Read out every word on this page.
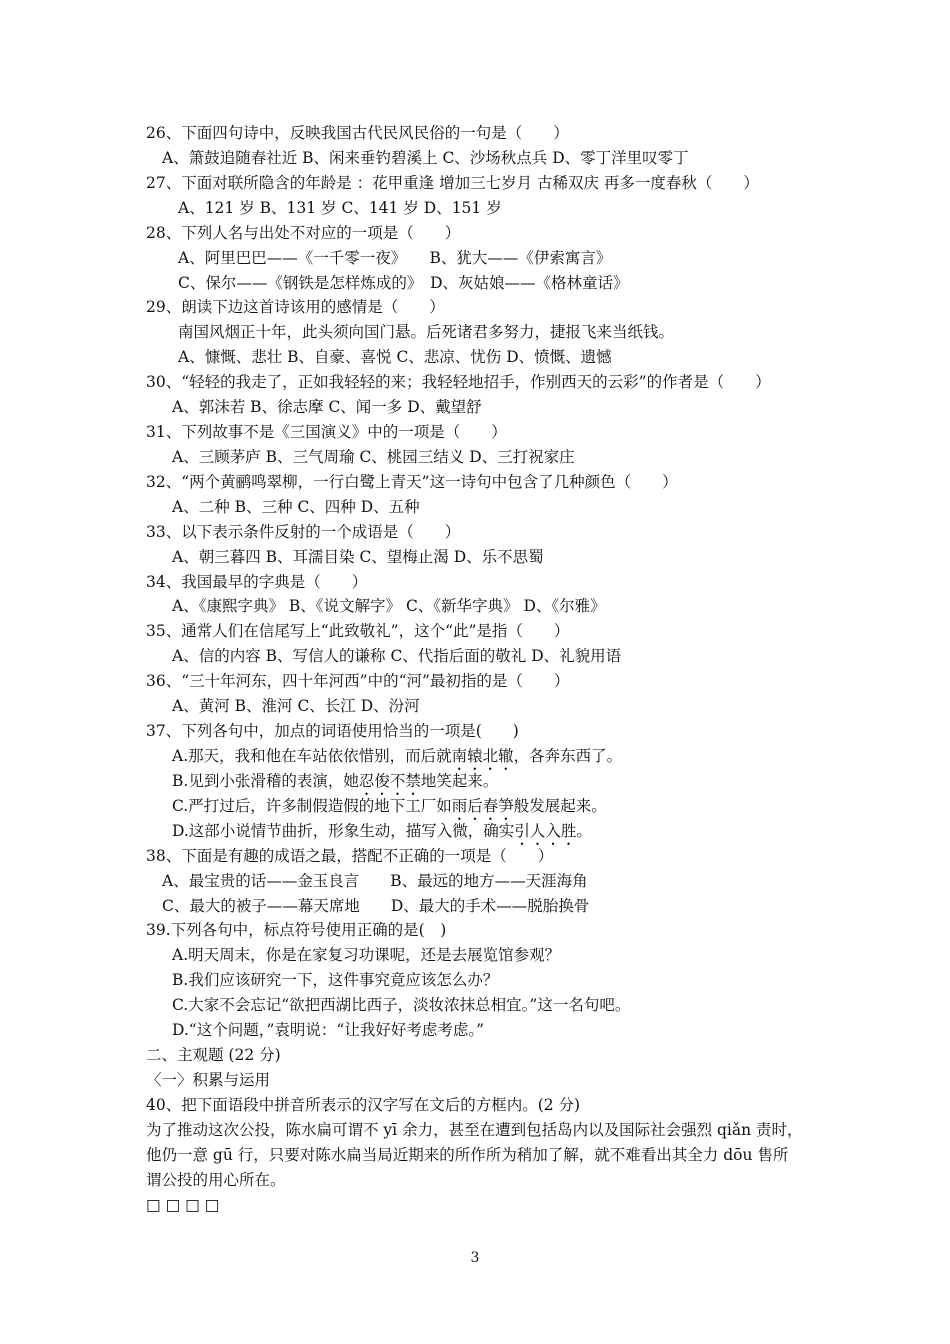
26、下面四句诗中，反映我国古代民风民俗的一句是（　　）
A、箫鼓追随春社近 B、闲来垂钓碧溪上 C、沙场秋点兵 D、零丁洋里叹零丁
27、下面对联所隐含的年龄是 ：花甲重逢 增加三七岁月 古稀双庆 再多一度春秋（　　）
A、121 岁 B、131 岁 C、141 岁 D、151 岁
28、下列人名与出处不对应的一项是（　　）
A、阿里巴巴——《一千零一夜》　　B、犹大——《伊索寓言》
C、保尔——《钢铁是怎样炼成的》　D、灰姑娘——《格林童话》
29、朗读下边这首诗该用的感情是（　　）
南国风烟正十年，此头须向国门悬。后死诸君多努力，捷报飞来当纸钱。
A、慷慨、悲壮 B、自豪、喜悦 C、悲凉、忧伤 D、愤慨、遗憾
30、“轻轻的我走了，正如我轻轻的来；我轻轻地招手，作别西天的云彩”的作者是（　　）
A、郭沫若 B、徐志摩 C、闻一多 D、戴望舒
31、下列故事不是《三国演义》中的一项是（　　）
A、三顾茅庐 B、三气周瑜 C、桃园三结义 D、三打祝家庄
32、“两个黄鹂鸣翠柳，一行白鹭上青天”这一诗句中包含了几种颜色（　　）
A、二种 B、三种 C、四种 D、五种
33、以下表示条件反射的一个成语是（　　）
A、朝三暮四 B、耳濡目染 C、望梅止渴 D、乐不思蜀
34、我国最早的字典是（　　）
A、《康熙字典》 B、《说文解字》 C、《新华字典》 D、《尔雅》
35、通常人们在信尾写上“此致敬礼”，这个“此”是指（　　）
A、信的内容 B、写信人的谦称 C、代指后面的敬礼 D、礼貌用语
36、“三十年河东，四十年河西”中的“河”最初指的是（　　）
A、黄河 B、淮河 C、长江 D、汾河
37、下列各句中，加点的词语使用恰当的一项是(　　)
A.那天，我和他在车站依依惜别，而后就南辕北辙，各奔东西了。
B.见到小张滑稽的表演，她忍俊不禁地笑起来。
C.严打过后，许多制假造假的地下工厂如雨后春笋般发展起来。
D.这部小说情节曲折，形象生动，描写入微，确实引人入胜。
38、下面是有趣的成语之最，搭配不正确的一项是（　　）
A、最宝贵的话——金玉良言　　B、最远的地方——天涯海角
C、最大的被子——幕天席地　　D、最大的手术——脱胎换骨
39.下列各句中，标点符号使用正确的是(　)
A.明天周末，你是在家复习功课呢，还是去展览馆参观？
B.我们应该研究一下，这件事究竟应该怎么办？
C.大家不会忘记“欲把西湖比西子，淡妆浓抹总相宜。”这一名句吧。
D.“这个问题，”袁明说：“让我好好考虑考虑。”
二、主观题 (22 分)
〈一〉积累与运用
40、把下面语段中拼音所表示的汉字写在文后的方框内。(2 分)
为了推动这次公投，陈水扁可谓不 yī 余力，甚至在遭到包括岛内以及国际社会强烈 qiǎn 责时，
他仍一意 gū 行，只要对陈水扁当局近期来的所作所为稍加了解，就不难看出其全力 dōu 售所
谓公投的用心所在。
□ □ □ □
3
